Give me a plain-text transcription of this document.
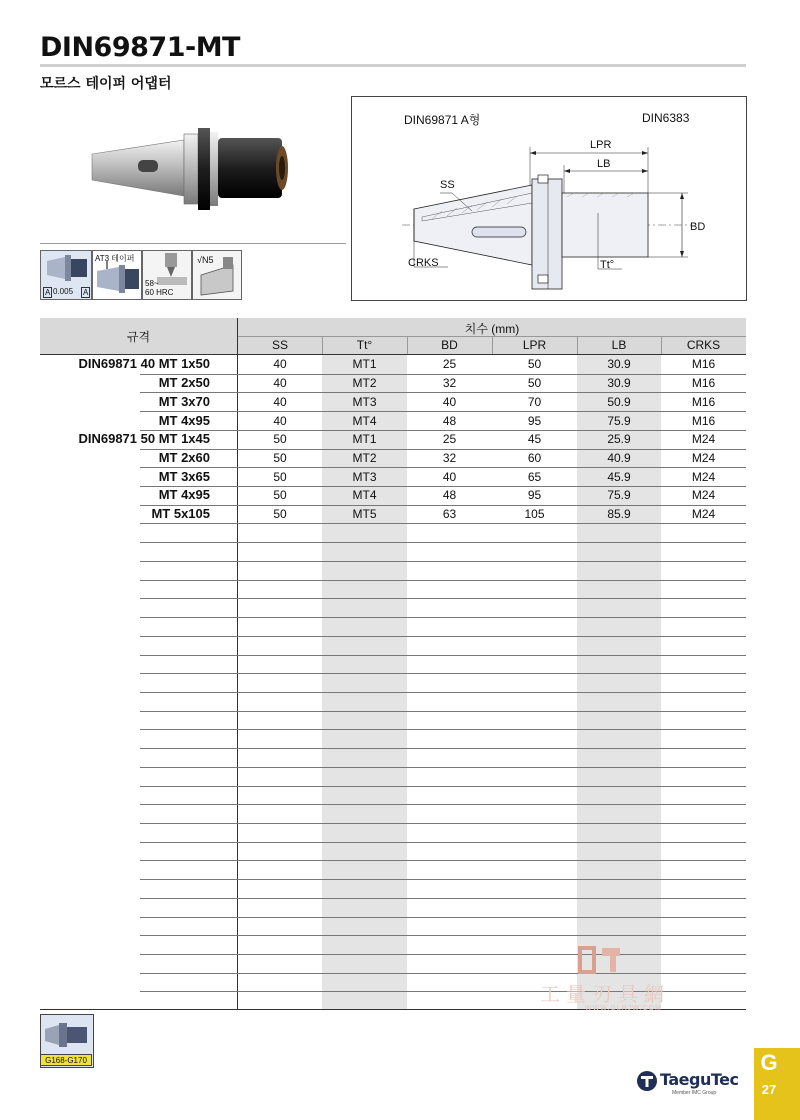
DIN69871-MT
모르스 테이퍼 어댑터
A 0.005 A
AT3 테이퍼
58~
60 HRC
√N5
DIN69871 A형	DIN6383
LPR
LB
SS
BD
CRKS	Tt°
규격
치수 (mm)
SS	Tt°	BD	LPR	LB	CRKS
DIN69871 40 MT 1x50	40	MT1	25	50	30.9	M16
MT 2x50	40	MT2	32	50	30.9	M16
MT 3x70	40	MT3	40	70	50.9	M16
MT 4x95	40	MT4	48	95	75.9	M16
DIN69871 50 MT 1x45	50	MT1	25	45	25.9	M24
MT 2x60	50	MT2	32	60	40.9	M24
MT 3x65	50	MT3	40	65	45.9	M24
MT 4x95	50	MT4	48	95	75.9	M24
MT 5x105	50	MT5	63	105	85.9	M24
工量刃具網
WWW.GLRJW.COM
G168-G170
TaeguTec
Member IMC Group
G
27
